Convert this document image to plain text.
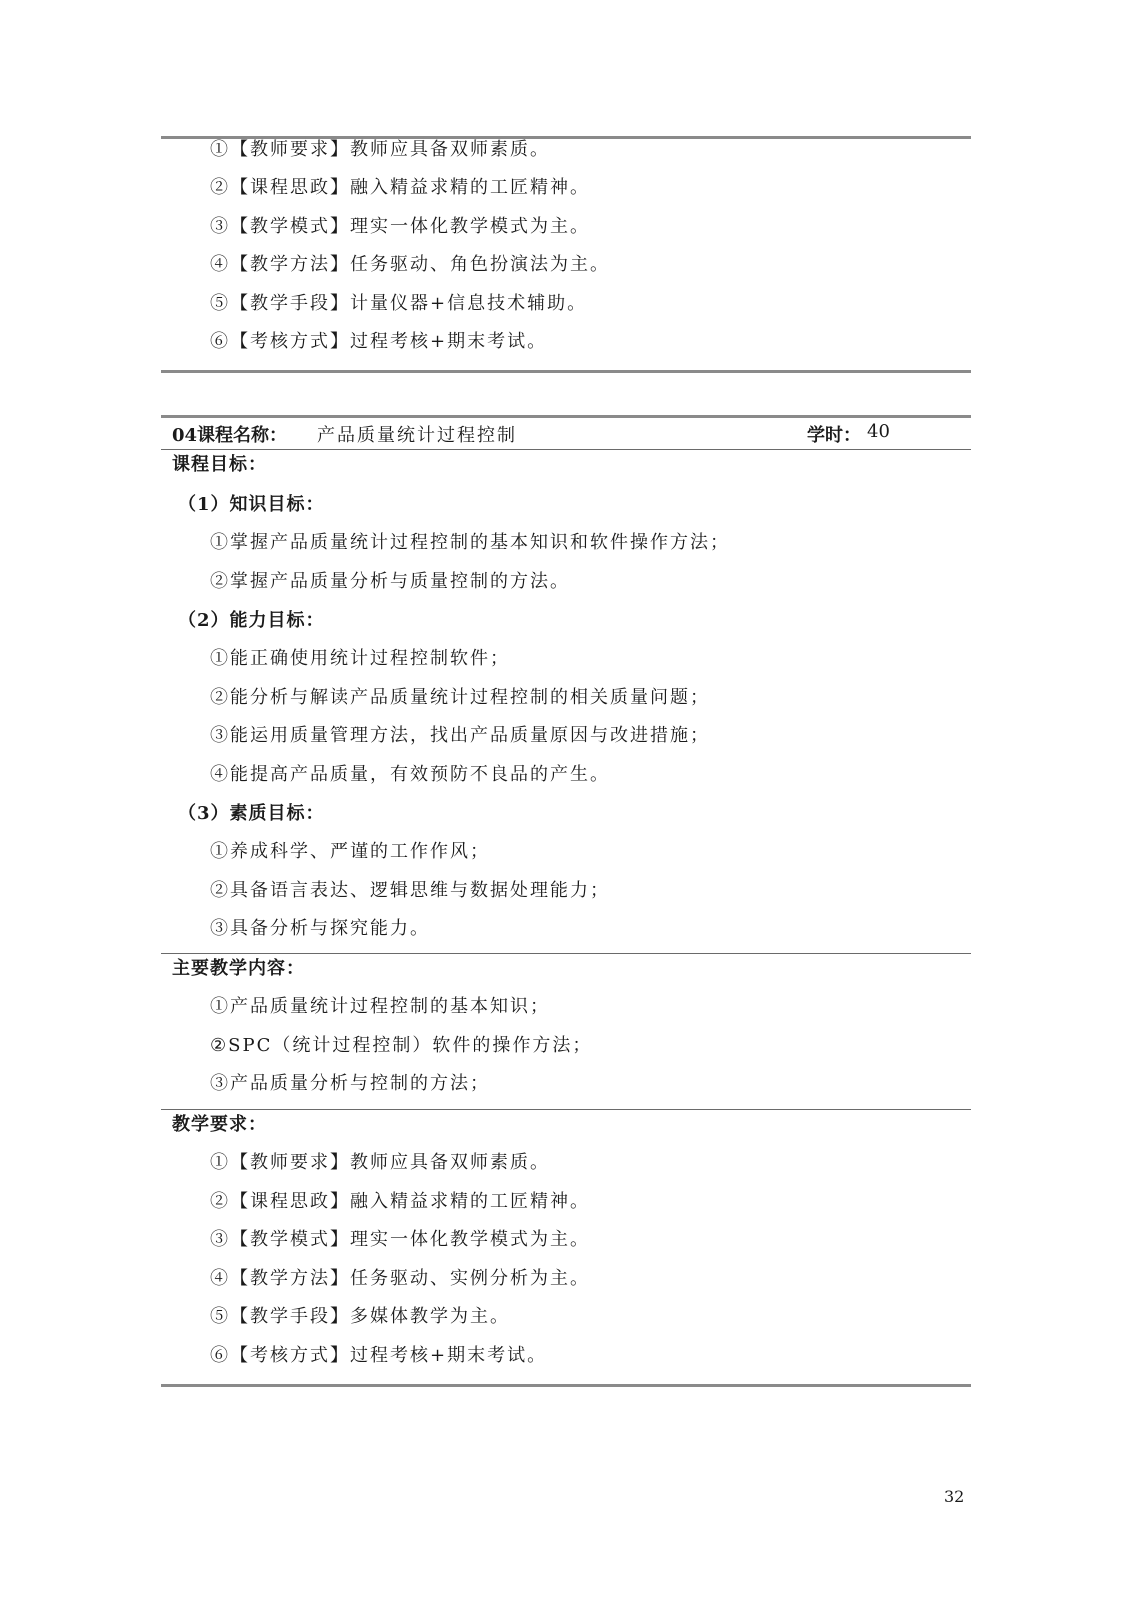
①【教师要求】教师应具备双师素质。
②【课程思政】融入精益求精的工匠精神。
③【教学模式】理实一体化教学模式为主。
④【教学方法】任务驱动、角色扮演法为主。
⑤【教学手段】计量仪器+信息技术辅助。
⑥【考核方式】过程考核+期末考试。
04课程名称： 产品质量统计过程控制	学时： 40
课程目标：
（1）知识目标：
①掌握产品质量统计过程控制的基本知识和软件操作方法；
②掌握产品质量分析与质量控制的方法。
（2）能力目标：
①能正确使用统计过程控制软件；
②能分析与解读产品质量统计过程控制的相关质量问题；
③能运用质量管理方法，找出产品质量原因与改进措施；
④能提高产品质量，有效预防不良品的产生。
（3）素质目标：
①养成科学、严谨的工作作风；
②具备语言表达、逻辑思维与数据处理能力；
③具备分析与探究能力。
主要教学内容：
①产品质量统计过程控制的基本知识；
②SPC（统计过程控制）软件的操作方法；
③产品质量分析与控制的方法；
教学要求：
①【教师要求】教师应具备双师素质。
②【课程思政】融入精益求精的工匠精神。
③【教学模式】理实一体化教学模式为主。
④【教学方法】任务驱动、实例分析为主。
⑤【教学手段】多媒体教学为主。
⑥【考核方式】过程考核+期末考试。
32
